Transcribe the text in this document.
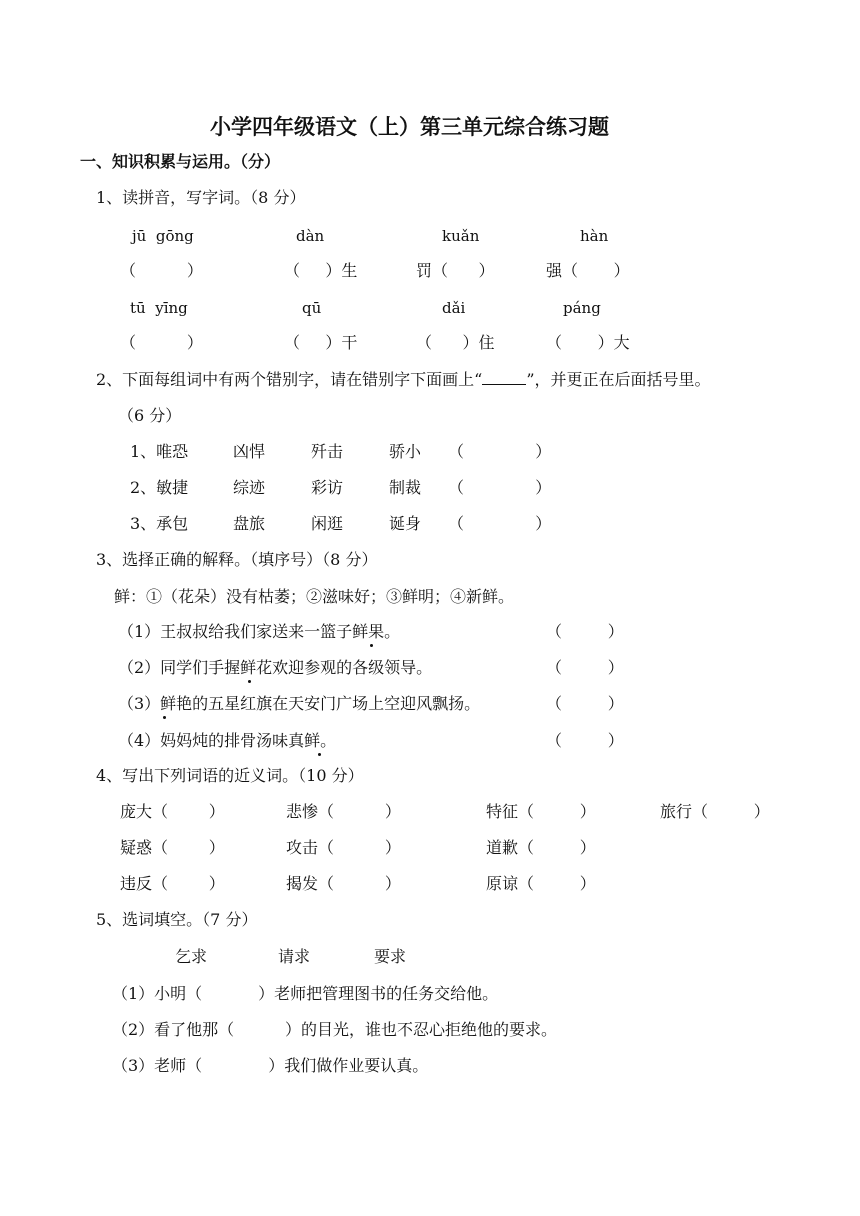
小学四年级语文（上）第三单元综合练习题
一、知识积累与运用。（分）
1、读拼音，写字词。（8 分）
jū  gōng	dàn	kuǎn	hàn
（          ）	（     ）生	罚（      ）	强（       ）
tū  yīng	qū	dǎi	páng
（          ）	（     ）干	（      ）住	（       ）大
2、下面每组词中有两个错别字，请在错别字下面画上“	”，并更正在后面括号里。
（6 分）
1、唯恐	凶悍	歼击	骄小 （              ）
2、敏捷	综迹	彩访	制裁 （              ）
3、承包	盘旅	闲逛	诞身 （              ）
3、选择正确的解释。（填序号）（8 分）
鲜：①（花朵）没有枯萎；②滋味好；③鲜明；④新鲜。
（1）王叔叔给我们家送来一篮子鲜果。	（         ）
（2）同学们手握鲜花欢迎参观的各级领导。	（         ）
（3）鲜艳的五星红旗在天安门广场上空迎风飘扬。	（         ）
（4）妈妈炖的排骨汤味真鲜。	（         ）
4、写出下列词语的近义词。（10 分）
庞大（        ）	悲惨（          ）	特征（         ）	旅行（         ）
疑惑（        ）	攻击（          ）	道歉（         ）
违反（        ）	揭发（          ）	原谅（         ）
5、选词填空。（7 分）
乞求	请求	要求
（1）小明（           ）老师把管理图书的任务交给他。
（2）看了他那（          ）的目光，谁也不忍心拒绝他的要求。
（3）老师（             ）我们做作业要认真。
